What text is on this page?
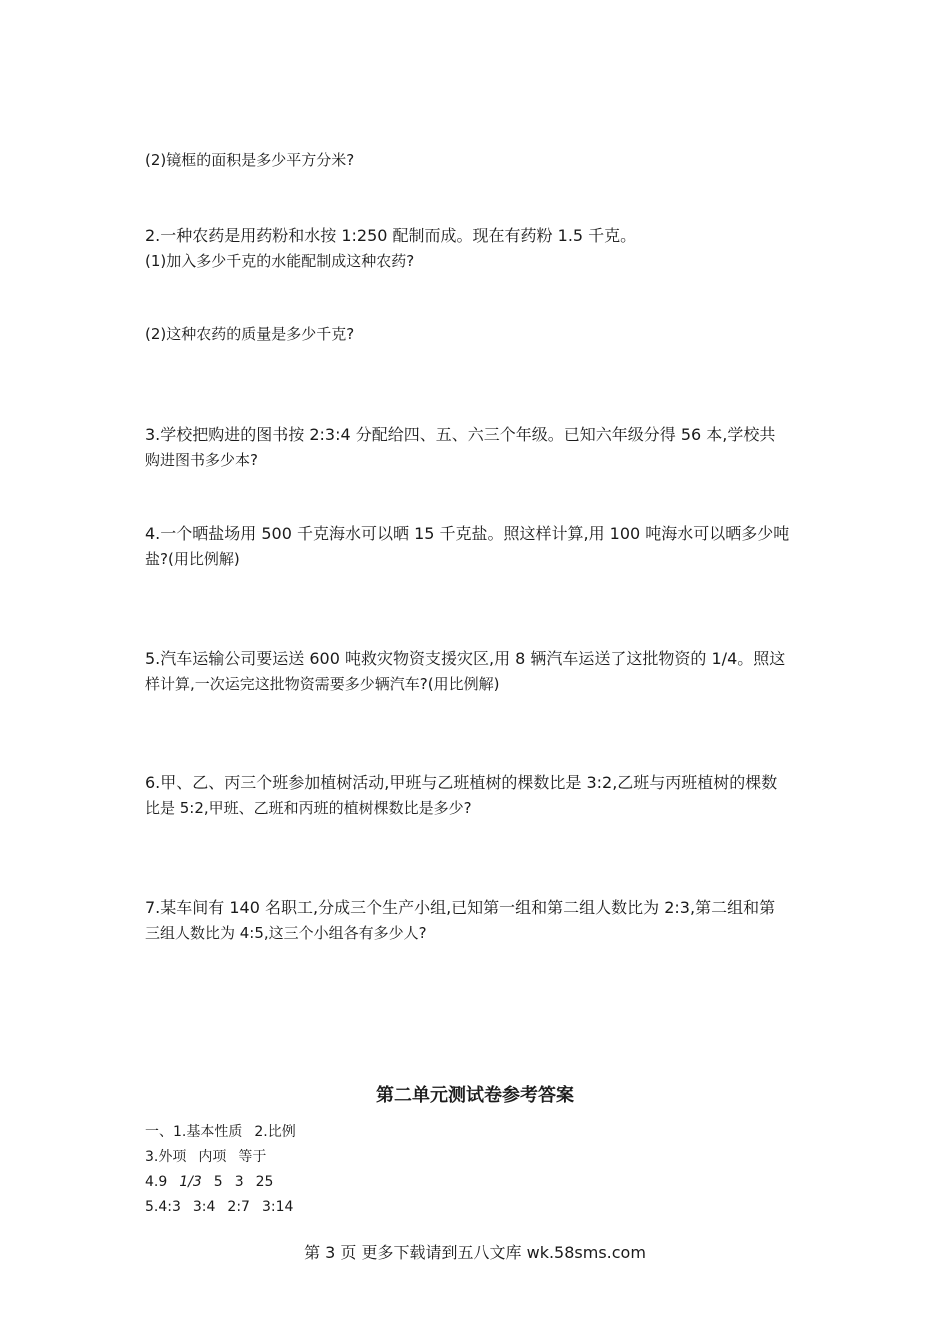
(2)镜框的面积是多少平方分米?
2.一种农药是用药粉和水按 1:250 配制而成。现在有药粉 1.5 千克。
(1)加入多少千克的水能配制成这种农药?
(2)这种农药的质量是多少千克?
3.学校把购进的图书按 2:3:4 分配给四、五、六三个年级。已知六年级分得 56 本,学校共
购进图书多少本?
4.一个晒盐场用 500 千克海水可以晒 15 千克盐。照这样计算,用 100 吨海水可以晒多少吨
盐?(用比例解)
5.汽车运输公司要运送 600 吨救灾物资支援灾区,用 8 辆汽车运送了这批物资的 1/4。照这
样计算,一次运完这批物资需要多少辆汽车?(用比例解)
6.甲、乙、丙三个班参加植树活动,甲班与乙班植树的棵数比是 3:2,乙班与丙班植树的棵数
比是 5:2,甲班、乙班和丙班的植树棵数比是多少?
7.某车间有 140 名职工,分成三个生产小组,已知第一组和第二组人数比为 2:3,第二组和第
三组人数比为 4:5,这三个小组各有多少人?
第二单元测试卷参考答案
一、1.基本性质 2.比例
3.外项 内项 等于
4.9 1/3 5 3 25
5.4:3 3:4 2:7 3:14
第 3 页 更多下载请到五八文库 wk.58sms.com
